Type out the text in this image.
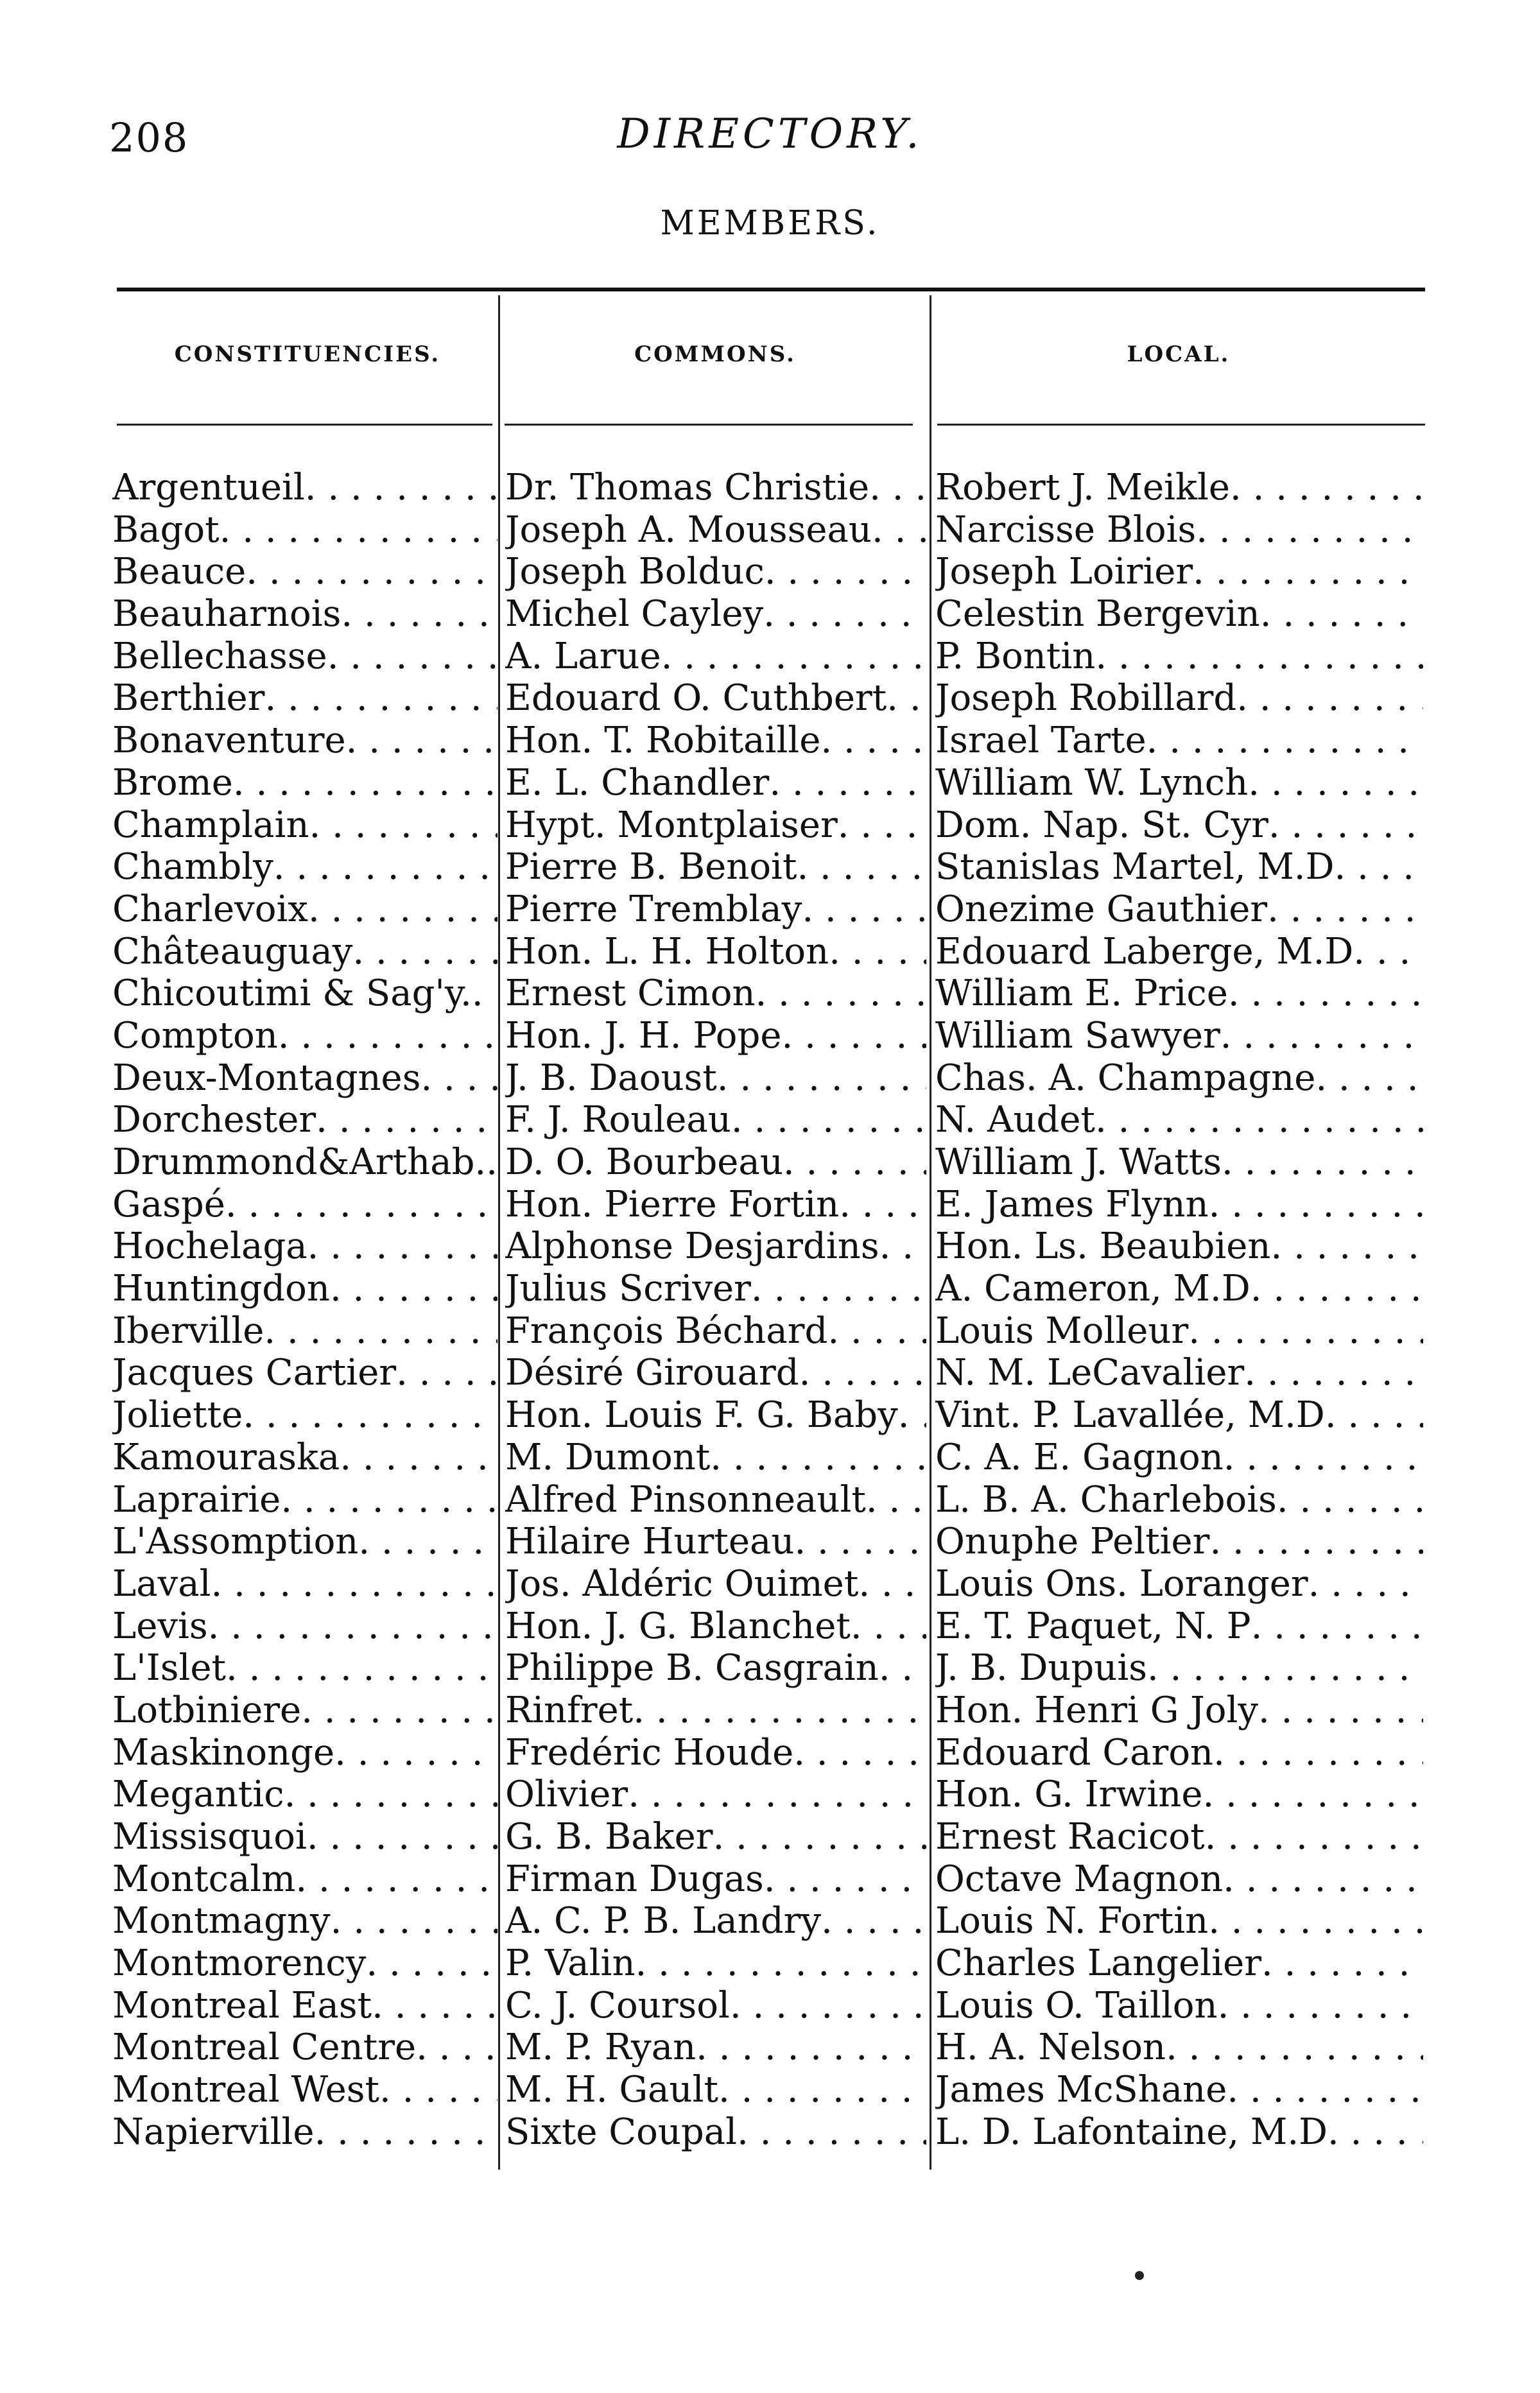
208	DIRECTORY.
MEMBERS.
CONSTITUENCIES.	COMMONS.	LOCAL.
Argentueil . . .	Dr. Thomas Christie . . . Robert J. Meikle
. . .
Bagot . . .	Joseph A. Mousseau . . . Narcisse Blois
. . .
Beauce . . .	Joseph Bolduc . . .	Joseph Loirier
. . .
Beauharnois . . .	Michel Cayley . . .	Celestin Bergevin
. . .
Bellechasse . . .	A. Larue . . .	P. Bontin
. . .
Berthier . . .	Edouard O. Cuthbert . . . Joseph Robillard
. . .
Bonaventure . . .	Hon. T. Robitaille . . .	Israel Tarte
. . .
Brome . . .	E. L. Chandler . . .	William W. Lynch
. . .
Champlain . . .	Hypt. Montplaiser . . .	Dom. Nap. St. Cyr
. . .
Chambly . . .	Pierre B. Benoit . . .	Stanislas Martel, M.D
. . .
Charlevoix . . .	Pierre Tremblay . . .	Onezime Gauthier
. . .
Châteauguay . . .	Hon. L. H. Holton . . .	Edouard Laberge, M.D
. . .
Chicoutimi & Sag'y. . . . Ernest Cimon . . .	William E. Price
. . .
Compton . . .	Hon. J. H. Pope . . .	William Sawyer
. . .
Deux-Montagnes . . . J. B. Daoust . . .	Chas. A. Champagne
. . .
Dorchester . . .	F. J. Rouleau . . .	N. Audet
. . .
Drummond&Arthab. . . . D. O. Bourbeau . . .	William J. Watts
. . .
Gaspé . . .	Hon. Pierre Fortin . . .	E. James Flynn
. . .
Hochelaga . . .	Alphonse Desjardins . . . Hon. Ls. Beaubien
. . .
Huntingdon . . .	Julius Scriver . . .	A. Cameron, M.D
. . .
Iberville . . .	François Béchard . . .	Louis Molleur
. . .
Jacques Cartier . . .	Désiré Girouard . . .	N. M. LeCavalier
. . .
Joliette . . .	Hon. Louis F. G. Baby . . . Vint. P. Lavallée, M.D
. . .
Kamouraska . . .	M. Dumont . . .	C. A. E. Gagnon
. . .
Laprairie . . .	Alfred Pinsonneault . . . L. B. A. Charlebois
. . .
L'Assomption . . .	Hilaire Hurteau . . .	Onuphe Peltier
. . .
Laval . . .	Jos. Aldéric Ouimet . . . Louis Ons. Loranger
. . .
Levis . . .	Hon. J. G. Blanchet . . . E. T. Paquet, N. P
. . .
L'Islet . . .	Philippe B. Casgrain . . . J. B. Dupuis
. . .
Lotbiniere . . .	Rinfret . . .	Hon. Henri G Joly
. . .
Maskinonge . . .	Fredéric Houde . . .	Edouard Caron
. . .
Megantic . . .	Olivier . . .	Hon. G. Irwine
. . .
Missisquoi . . .	G. B. Baker . . .	Ernest Racicot
. . .
Montcalm . . .	Firman Dugas . . .	Octave Magnon
. . .
Montmagny . . .	A. C. P. B. Landry . . .	Louis N. Fortin
. . .
Montmorency . . .	P. Valin . . .	Charles Langelier
. . .
Montreal East . . .	C. J. Coursol . . .	Louis O. Taillon
. . .
Montreal Centre . . . M. P. Ryan . . .	H. A. Nelson
. . .
Montreal West . . .	M. H. Gault . . .	James McShane
. . .
Napierville . . .	Sixte Coupal . . .	L. D. Lafontaine, M.D
. . .
